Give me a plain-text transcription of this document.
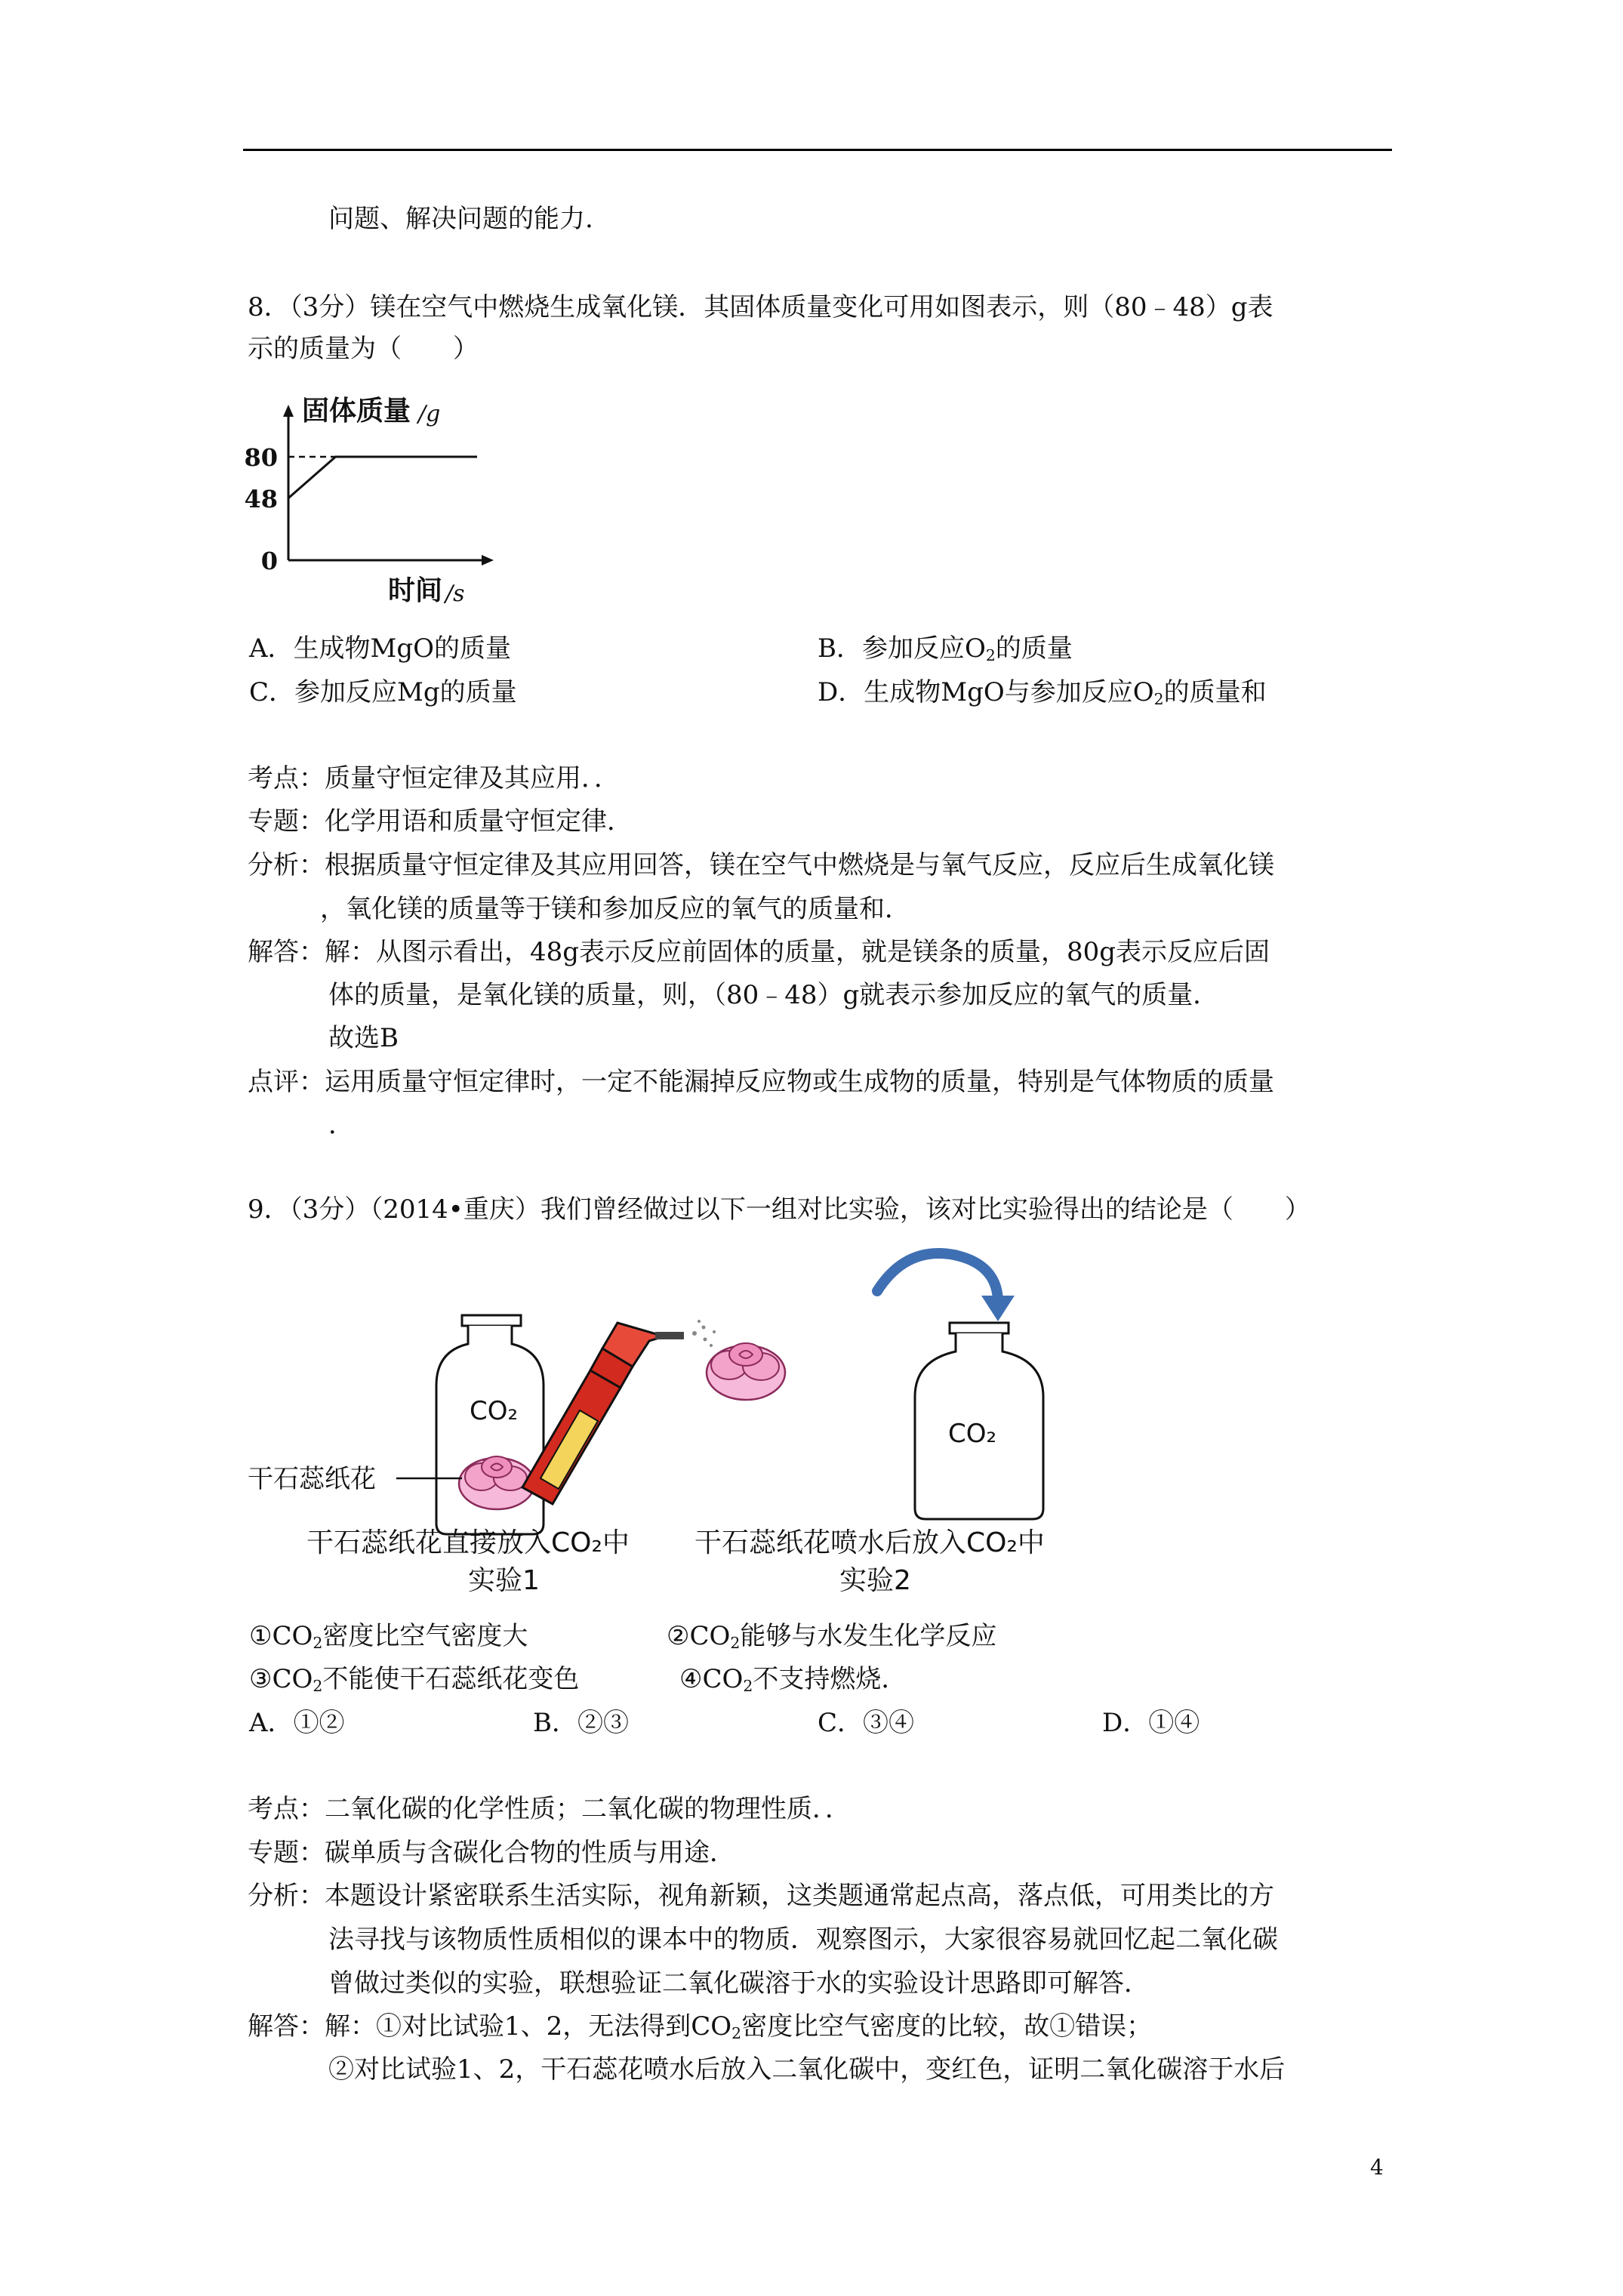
问题、解决问题的能力.
8．（3分）镁在空气中燃烧生成氧化镁．其固体质量变化可用如图表示，则（80﹣48）g表
示的质量为（　　）
固体质量 /g
时间 /s
80
48
0
A．生成物MgO的质量	B．参加反应$O_2$的质量
C．参加反应Mg的质量	D．生成物MgO与参加反应$O_2$的质量和
考点：质量守恒定律及其应用．．
专题：化学用语和质量守恒定律．
分析：根据质量守恒定律及其应用回答，镁在空气中燃烧是与氧气反应，反应后生成氧化镁
，氧化镁的质量等于镁和参加反应的氧气的质量和．
解答：解：从图示看出，48g表示反应前固体的质量，就是镁条的质量，80g表示反应后固
体的质量，是氧化镁的质量，则，（80﹣48）g就表示参加反应的氧气的质量．
故选B
点评：运用质量守恒定律时，一定不能漏掉反应物或生成物的质量，特别是气体物质的质量
．
9．（3分）（2014•重庆）我们曾经做过以下一组对比实验，该对比实验得出的结论是（　　）
CO₂
干石蕊纸花
干石蕊纸花直接放入CO₂中
实验1
CO₂
干石蕊纸花喷水后放入CO₂中
实验2
$①CO_2$密度比空气密度大	$②CO_2$能够与水发生化学反应
$③CO_2$不能使干石蕊纸花变色	$④CO_2$不支持燃烧．
A．①②	B．②③	C．③④	D．①④
考点：二氧化碳的化学性质；二氧化碳的物理性质．．
专题：碳单质与含碳化合物的性质与用途．
分析：本题设计紧密联系生活实际，视角新颖，这类题通常起点高，落点低，可用类比的方
法寻找与该物质性质相似的课本中的物质．观察图示，大家很容易就回忆起二氧化碳
曾做过类似的实验，联想验证二氧化碳溶于水的实验设计思路即可解答．
解答：解：①对比试验1、2，无法得到$CO_2$密度比空气密度的比较，故①错误；
②对比试验1、2，干石蕊花喷水后放入二氧化碳中，变红色，证明二氧化碳溶于水后
4
